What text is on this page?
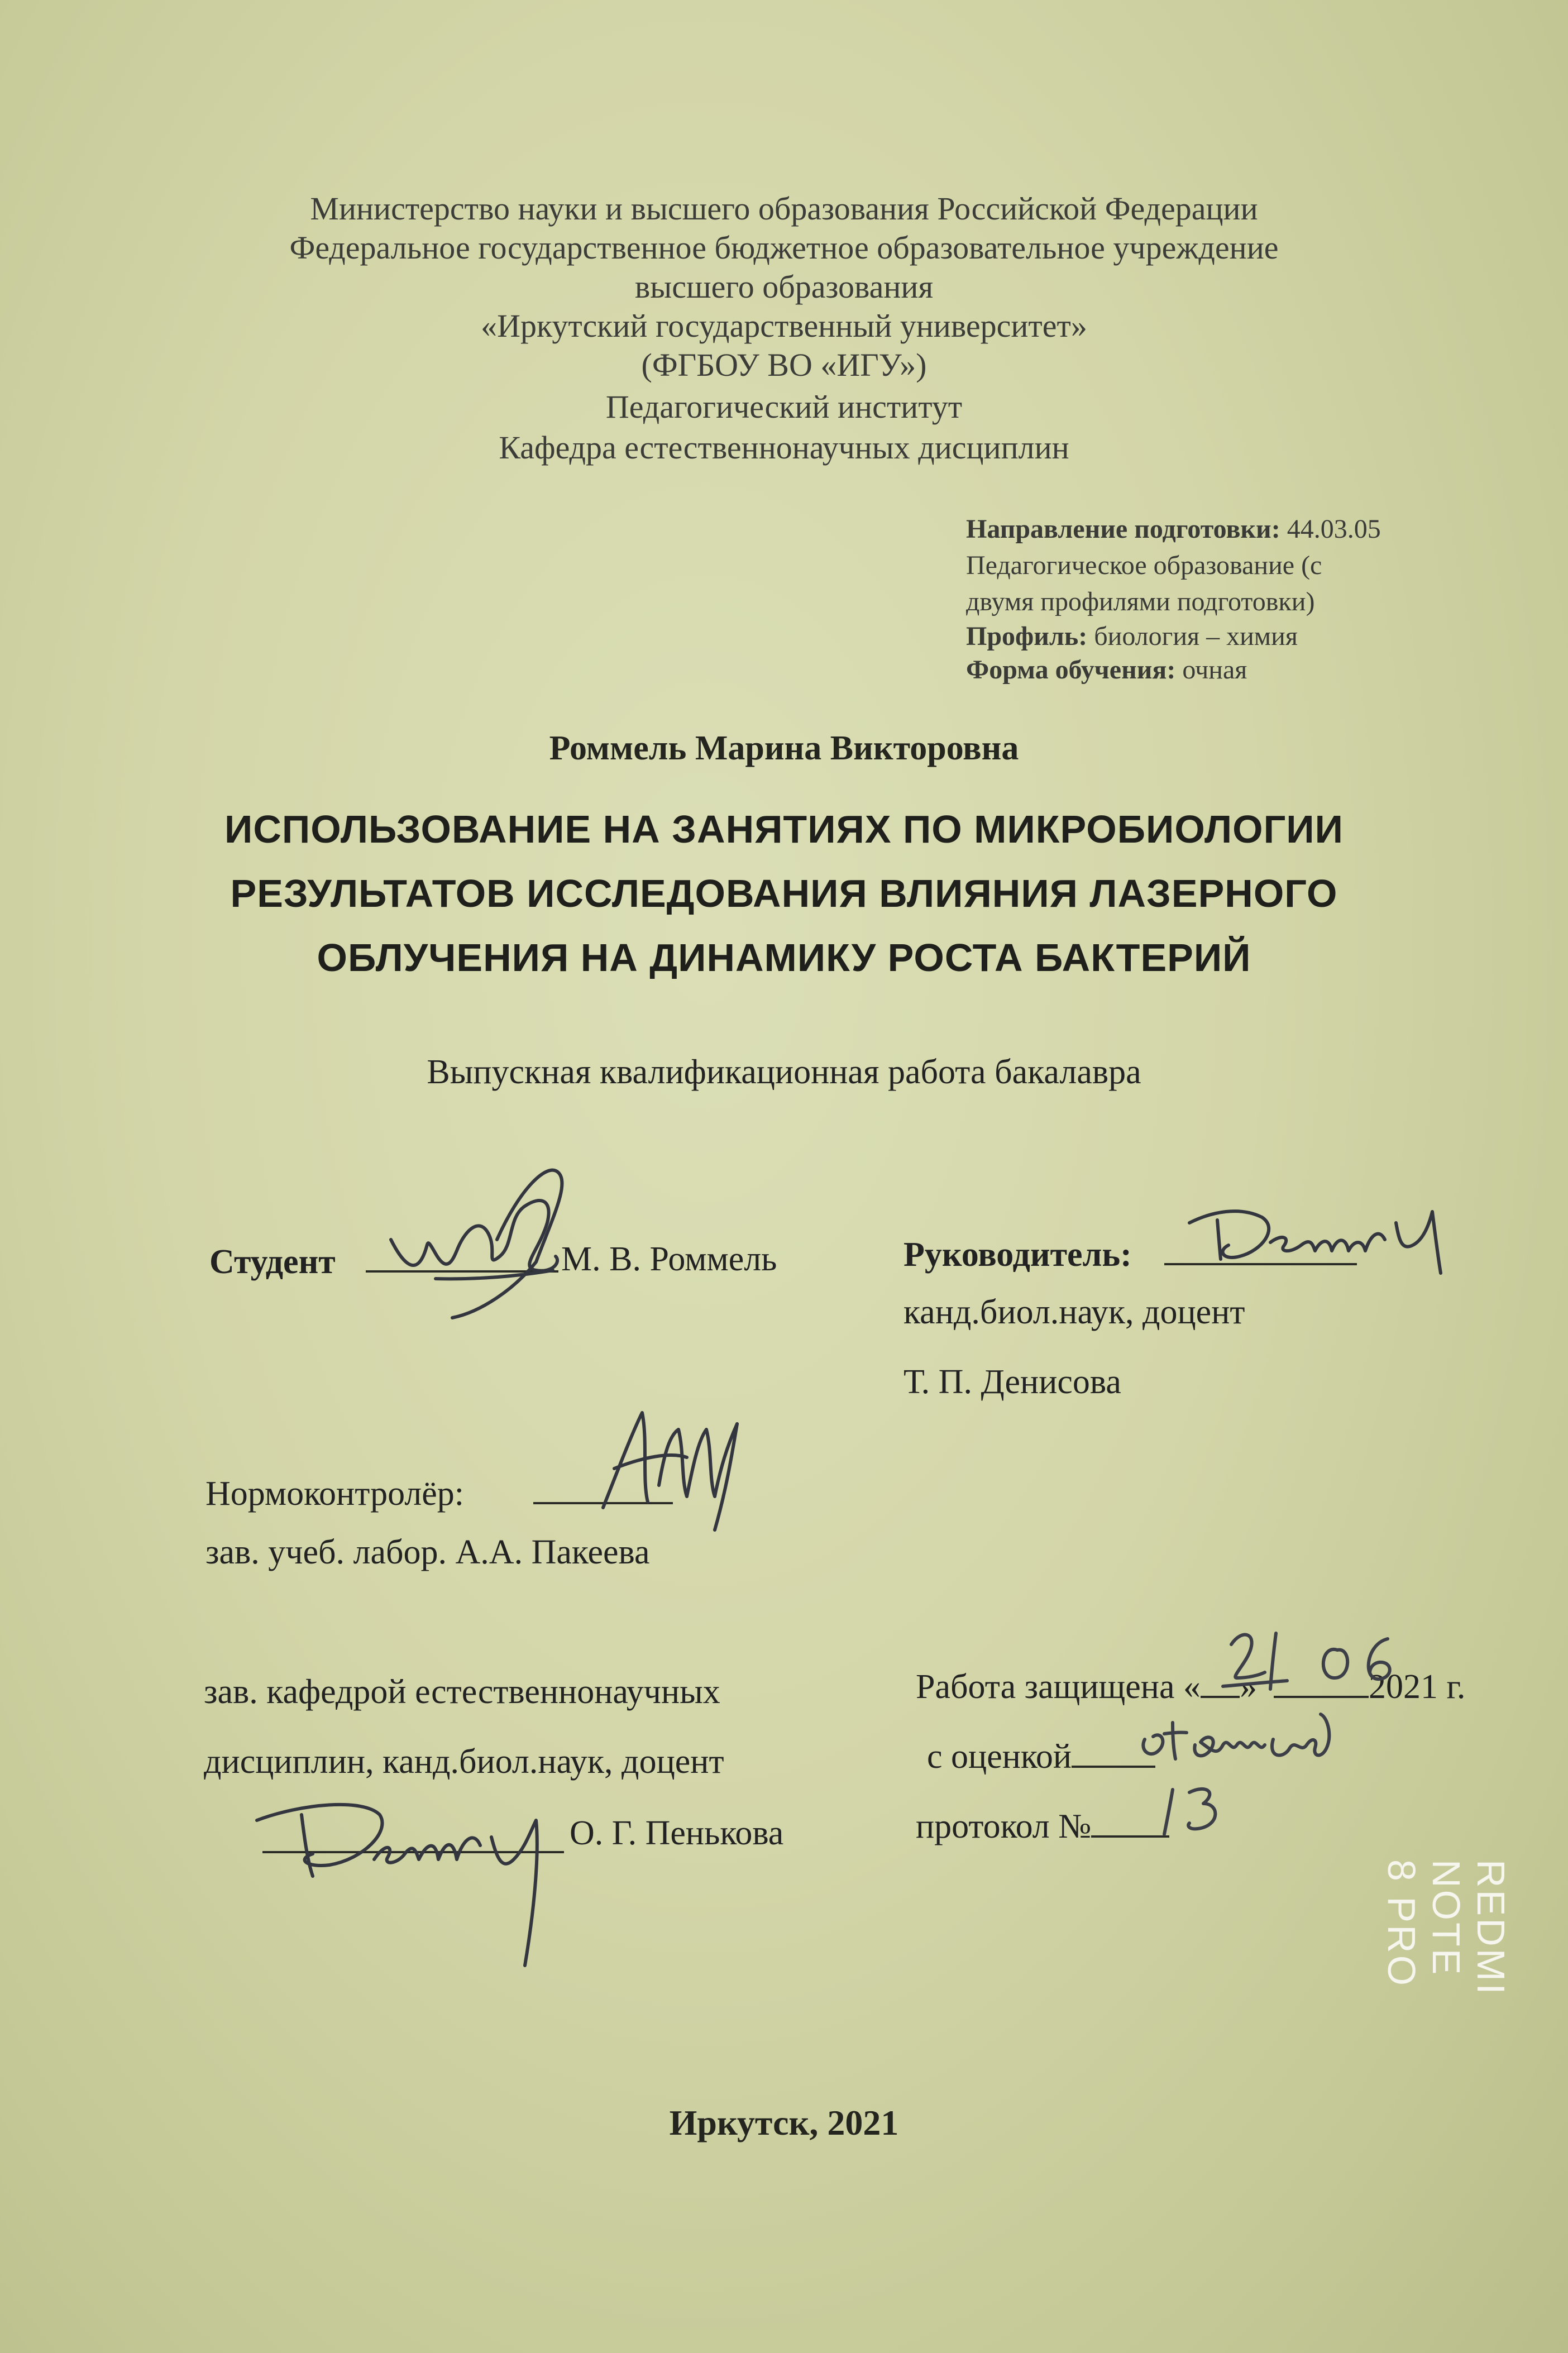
Министерство науки и высшего образования Российской Федерации
Федеральное государственное бюджетное образовательное учреждение
высшего образования
«Иркутский государственный университет»
(ФГБОУ ВО «ИГУ»)
Педагогический институт
Кафедра естественнонаучных дисциплин
Направление подготовки: 44.03.05
Педагогическое образование (с
двумя профилями подготовки)
Профиль: биология – химия
Форма обучения: очная
Роммель Марина Викторовна
ИСПОЛЬЗОВАНИЕ НА ЗАНЯТИЯХ ПО МИКРОБИОЛОГИИ
РЕЗУЛЬТАТОВ ИССЛЕДОВАНИЯ ВЛИЯНИЯ ЛАЗЕРНОГО
ОБЛУЧЕНИЯ НА ДИНАМИКУ РОСТА БАКТЕРИЙ
Выпускная квалификационная работа бакалавра
Студент	М. В. Роммель	Руководитель:
канд.биол.наук, доцент
Т. П. Денисова
Нормоконтролёр:
зав. учеб. лабор. А.А. Пакеева
зав. кафедрой естественнонаучных
дисциплин, канд.биол.наук, доцент
О. Г. Пенькова
Работа защищена « »	2021 г.
с оценкой
протокол №
Иркутск, 2021
REDMI NOTE 8 PRO
